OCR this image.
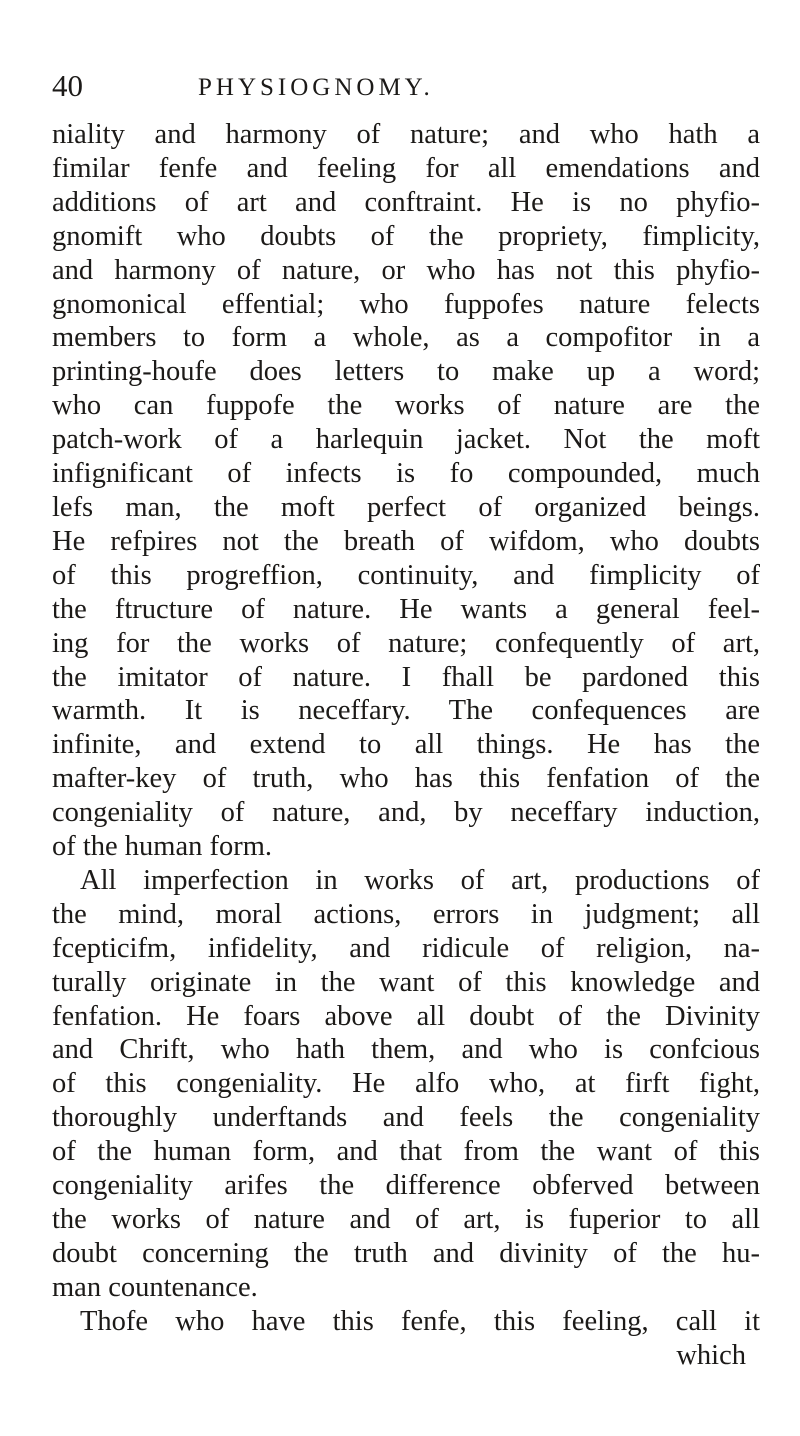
40	PHYSIOGNOMY.
niality and harmony of nature; and who hath a
fimilar fenfe and feeling for all emendations and
additions of art and conftraint. He is no phyfio-
gnomift who doubts of the propriety, fimplicity,
and harmony of nature, or who has not this phyfio-
gnomonical effential; who fuppofes nature felects
members to form a whole, as a compofitor in a
printing-houfe does letters to make up a word;
who can fuppofe the works of nature are the
patch-work of a harlequin jacket. Not the moft
infignificant of infects is fo compounded, much
lefs man, the moft perfect of organized beings.
He refpires not the breath of wifdom, who doubts
of this progreffion, continuity, and fimplicity of
the ftructure of nature. He wants a general feel-
ing for the works of nature; confequently of art,
the imitator of nature. I fhall be pardoned this
warmth. It is neceffary. The confequences are
infinite, and extend to all things. He has the
mafter-key of truth, who has this fenfation of the
congeniality of nature, and, by neceffary induction,
of the human form.
All imperfection in works of art, productions of
the mind, moral actions, errors in judgment; all
fcepticifm, infidelity, and ridicule of religion, na-
turally originate in the want of this knowledge and
fenfation. He foars above all doubt of the Divinity
and Chrift, who hath them, and who is confcious
of this congeniality. He alfo who, at firft fight,
thoroughly underftands and feels the congeniality
of the human form, and that from the want of this
congeniality arifes the difference obferved between
the works of nature and of art, is fuperior to all
doubt concerning the truth and divinity of the hu-
man countenance.
Thofe who have this fenfe, this feeling, call it
which
